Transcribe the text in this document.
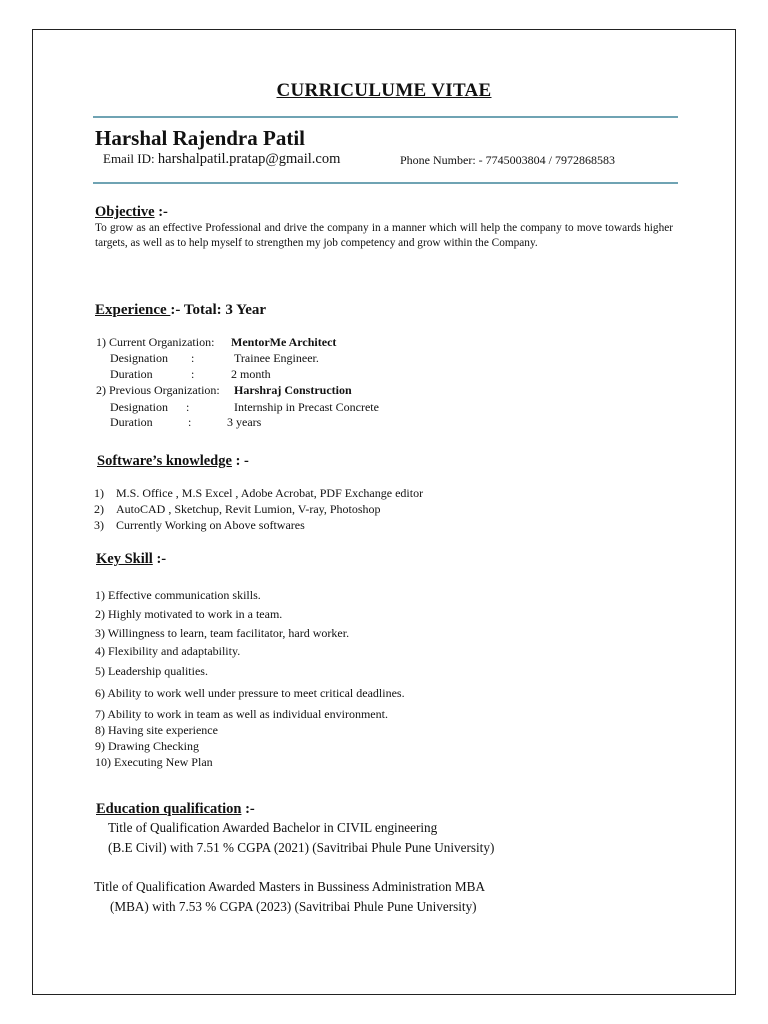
CURRICULUME VITAE
Harshal Rajendra Patil
Email ID: harshalpatil.pratap@gmail.com	Phone Number: - 7745003804 / 7972868583
Objective :-
To grow as an effective Professional and drive the company in a manner which will help the company to move towards higher targets, as well as to help myself to strengthen my job competency and grow within the Company.
Experience :- Total: 3 Year
1) Current Organization: MentorMe Architect
Designation :	Trainee Engineer.
Duration	:	2 month
2) Previous Organization: Harshraj Construction
Designation :	Internship in Precast Concrete
Duration	:	3 years
Software’s knowledge : -
1) M.S. Office , M.S Excel , Adobe Acrobat, PDF Exchange editor
2) AutoCAD , Sketchup, Revit Lumion, V-ray, Photoshop
3) Currently Working on Above softwares
Key Skill :-
1) Effective communication skills.
2) Highly motivated to work in a team.
3) Willingness to learn, team facilitator, hard worker.
4) Flexibility and adaptability.
5) Leadership qualities.
6) Ability to work well under pressure to meet critical deadlines.
7) Ability to work in team as well as individual environment.
8) Having site experience
9) Drawing Checking
10) Executing New Plan
Education qualification :-
Title of Qualification Awarded Bachelor in CIVIL engineering
(B.E Civil) with 7.51 % CGPA (2021) (Savitribai Phule Pune University)
Title of Qualification Awarded Masters in Bussiness Administration MBA
(MBA) with 7.53 % CGPA (2023) (Savitribai Phule Pune University)
